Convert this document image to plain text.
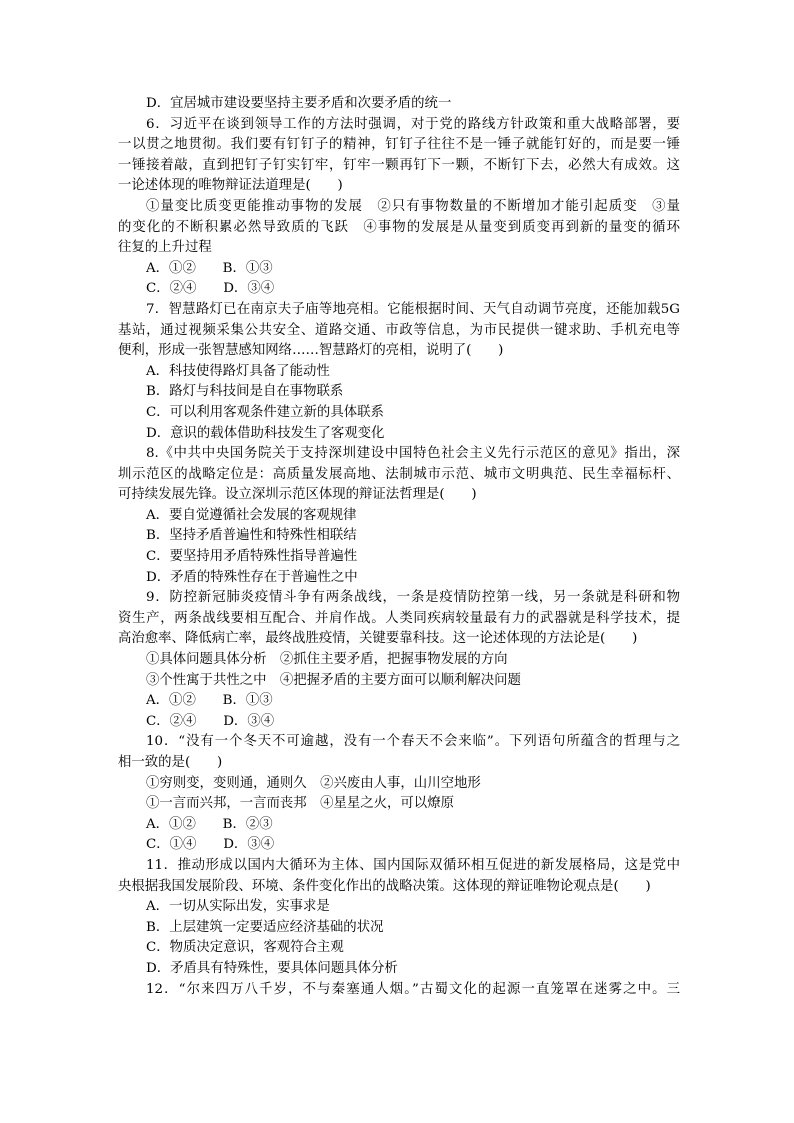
D．宜居城市建设要坚持主要矛盾和次要矛盾的统一
6．习近平在谈到领导工作的方法时强调，对于党的路线方针政策和重大战略部署，要
一以贯之地贯彻。我们要有钉钉子的精神，钉钉子往往不是一锤子就能钉好的，而是要一锤
一锤接着敲，直到把钉子钉实钉牢，钉牢一颗再钉下一颗，不断钉下去，必然大有成效。这
一论述体现的唯物辩证法道理是(　　)
①量变比质变更能推动事物的发展　②只有事物数量的不断增加才能引起质变　③量
的变化的不断积累必然导致质的飞跃　④事物的发展是从量变到质变再到新的量变的循环
往复的上升过程
A．①②　　B．①③
C．②④　　D．③④
7．智慧路灯已在南京夫子庙等地亮相。它能根据时间、天气自动调节亮度，还能加载5G
基站，通过视频采集公共安全、道路交通、市政等信息，为市民提供一键求助、手机充电等
便利，形成一张智慧感知网络……智慧路灯的亮相，说明了(　　)
A．科技使得路灯具备了能动性
B．路灯与科技间是自在事物联系
C．可以利用客观条件建立新的具体联系
D．意识的载体借助科技发生了客观变化
8.《中共中央国务院关于支持深圳建设中国特色社会主义先行示范区的意见》指出，深
圳示范区的战略定位是：高质量发展高地、法制城市示范、城市文明典范、民生幸福标杆、
可持续发展先锋。设立深圳示范区体现的辩证法哲理是(　　)
A．要自觉遵循社会发展的客观规律
B．坚持矛盾普遍性和特殊性相联结
C．要坚持用矛盾特殊性指导普遍性
D．矛盾的特殊性存在于普遍性之中
9．防控新冠肺炎疫情斗争有两条战线，一条是疫情防控第一线，另一条就是科研和物
资生产，两条战线要相互配合、并肩作战。人类同疾病较量最有力的武器就是科学技术，提
高治愈率、降低病亡率，最终战胜疫情，关键要靠科技。这一论述体现的方法论是(　　)
①具体问题具体分析　②抓住主要矛盾，把握事物发展的方向
③个性寓于共性之中　④把握矛盾的主要方面可以顺利解决问题
A．①②　　B．①③
C．②④　　D．③④
10．“没有一个冬天不可逾越，没有一个春天不会来临”。下列语句所蕴含的哲理与之
相一致的是(　　)
①穷则变，变则通，通则久　②兴废由人事，山川空地形
①一言而兴邦，一言而丧邦　④星星之火，可以燎原
A．①②　　B．②③
C．①④　　D．③④
11．推动形成以国内大循环为主体、国内国际双循环相互促进的新发展格局，这是党中
央根据我国发展阶段、环境、条件变化作出的战略决策。这体现的辩证唯物论观点是(　　)
A．一切从实际出发，实事求是
B．上层建筑一定要适应经济基础的状况
C．物质决定意识，客观符合主观
D．矛盾具有特殊性，要具体问题具体分析
12．“尔来四万八千岁，不与秦塞通人烟。”古蜀文化的起源一直笼罩在迷雾之中。三
